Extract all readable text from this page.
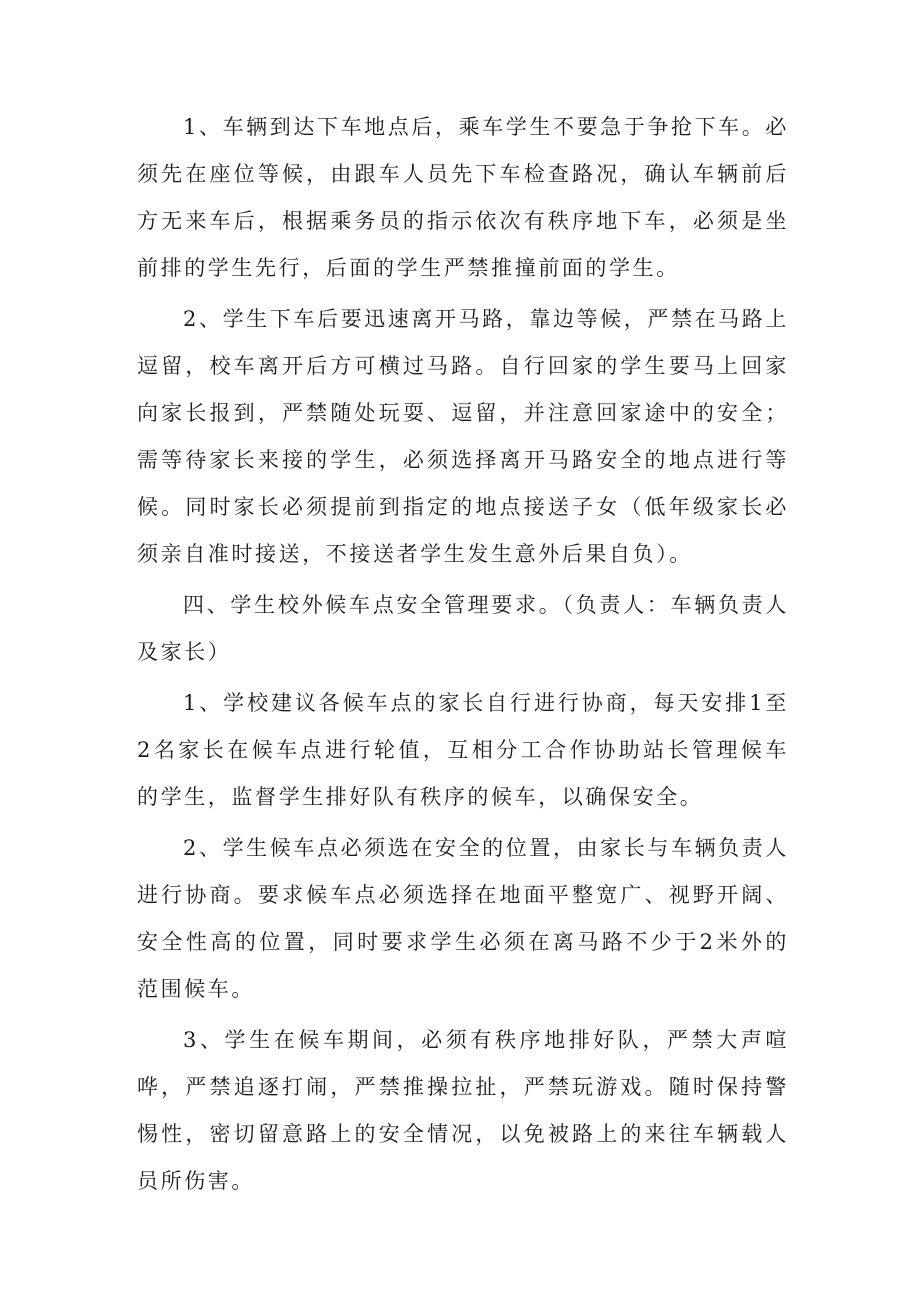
1、车辆到达下车地点后，乘车学生不要急于争抢下车。必须先在座位等候，由跟车人员先下车检查路况，确认车辆前后方无来车后，根据乘务员的指示依次有秩序地下车，必须是坐前排的学生先行，后面的学生严禁推撞前面的学生。

2、学生下车后要迅速离开马路，靠边等候，严禁在马路上逗留，校车离开后方可横过马路。自行回家的学生要马上回家向家长报到，严禁随处玩耍、逗留，并注意回家途中的安全；需等待家长来接的学生，必须选择离开马路安全的地点进行等候。同时家长必须提前到指定的地点接送子女（低年级家长必须亲自准时接送，不接送者学生发生意外后果自负）。

四、学生校外候车点安全管理要求。（负责人：车辆负责人及家长）

1、学校建议各候车点的家长自行进行协商，每天安排1至2名家长在候车点进行轮值，互相分工合作协助站长管理候车的学生，监督学生排好队有秩序的候车，以确保安全。

2、学生候车点必须选在安全的位置，由家长与车辆负责人进行协商。要求候车点必须选择在地面平整宽广、视野开阔、安全性高的位置，同时要求学生必须在离马路不少于2米外的范围候车。

3、学生在候车期间，必须有秩序地排好队，严禁大声喧哗，严禁追逐打闹，严禁推操拉扯，严禁玩游戏。随时保持警惕性，密切留意路上的安全情况，以免被路上的来往车辆载人员所伤害。
